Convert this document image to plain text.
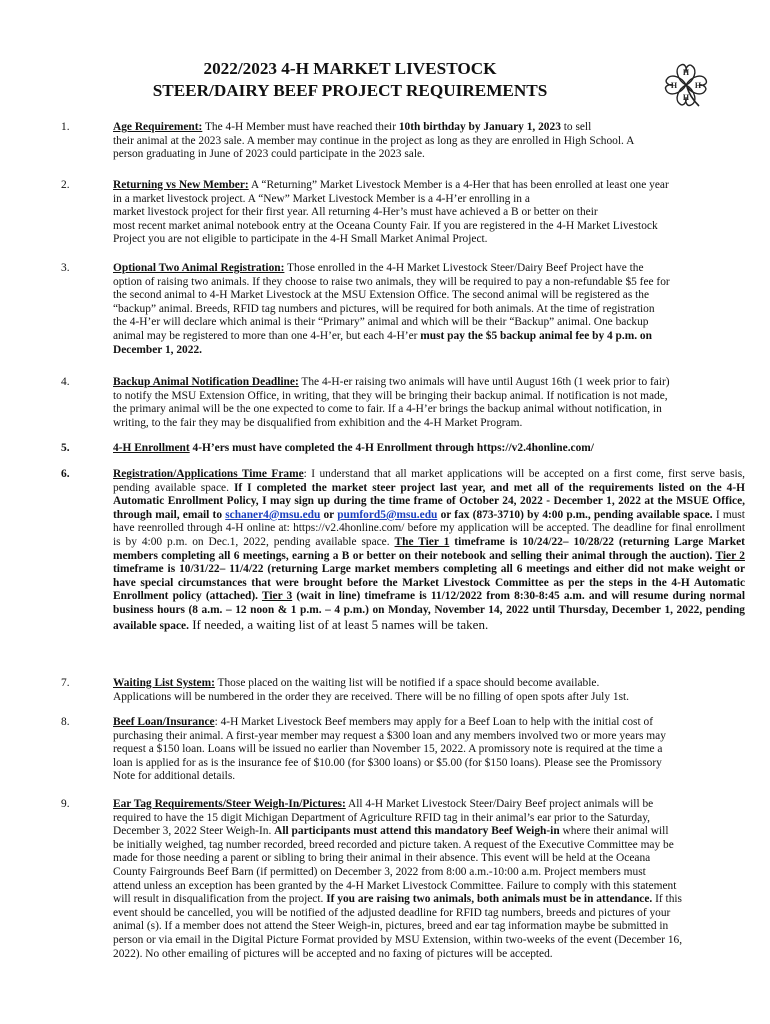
2022/2023 4-H MARKET LIVESTOCK
STEER/DAIRY BEEF PROJECT REQUIREMENTS
H
H
H
H
1.	Age Requirement: The 4-H Member must have reached their 10th birthday by January 1, 2023 to sell
their animal at the 2023 sale. A member may continue in the project as long as they are enrolled in High School. A
person graduating in June of 2023 could participate in the 2023 sale.
2.	Returning vs New Member: A “Returning” Market Livestock Member is a 4-Her that has been enrolled at least one year
in a market livestock project. A “New” Market Livestock Member is a 4-H’er enrolling in a
market livestock project for their first year. All returning 4-Her’s must have achieved a B or better on their
most recent market animal notebook entry at the Oceana County Fair. If you are registered in the 4-H Market Livestock
Project you are not eligible to participate in the 4-H Small Market Animal Project.
3.	Optional Two Animal Registration: Those enrolled in the 4-H Market Livestock Steer/Dairy Beef Project have the
option of raising two animals. If they choose to raise two animals, they will be required to pay a non-refundable $5 fee for
the second animal to 4-H Market Livestock at the MSU Extension Office. The second animal will be registered as the
“backup” animal. Breeds, RFID tag numbers and pictures, will be required for both animals. At the time of registration
the 4-H’er will declare which animal is their “Primary” animal and which will be their “Backup” animal. One backup
animal may be registered to more than one 4-H’er, but each 4-H’er must pay the $5 backup animal fee by 4 p.m. on
December 1, 2022.
4.	Backup Animal Notification Deadline: The 4-H-er raising two animals will have until August 16th (1 week prior to fair)
to notify the MSU Extension Office, in writing, that they will be bringing their backup animal. If notification is not made,
the primary animal will be the one expected to come to fair. If a 4-H’er brings the backup animal without notification, in
writing, to the fair they may be disqualified from exhibition and the 4-H Market Program.
5.	4-H Enrollment 4-H’ers must have completed the 4-H Enrollment through https://v2.4honline.com/
6.	Registration/Applications Time Frame: I understand that all market applications will be accepted on a first come, first serve basis, pending available space. If I completed the market steer project last year, and met all of the requirements listed on the 4-H Automatic Enrollment Policy, I may sign up during the time frame of October 24, 2022 - December 1, 2022 at the MSUE Office, through mail, email to schaner4@msu.edu or pumford5@msu.edu or fax (873-3710) by 4:00 p.m., pending available space. I must have reenrolled through 4-H online at: https://v2.4honline.com/ before my application will be accepted. The deadline for final enrollment is by 4:00 p.m. on Dec.1, 2022, pending available space. The Tier 1 timeframe is 10/24/22– 10/28/22 (returning Large Market members completing all 6 meetings, earning a B or better on their notebook and selling their animal through the auction). Tier 2 timeframe is 10/31/22– 11/4/22 (returning Large market members completing all 6 meetings and either did not make weight or have special circumstances that were brought before the Market Livestock Committee as per the steps in the 4-H Automatic Enrollment policy (attached). Tier 3 (wait in line) timeframe is 11/12/2022 from 8:30-8:45 a.m. and will resume during normal business hours (8 a.m. – 12 noon & 1 p.m. – 4 p.m.) on Monday, November 14, 2022 until Thursday, December 1, 2022, pending available space. If needed, a waiting list of at least 5 names will be taken.
7.	Waiting List System: Those placed on the waiting list will be notified if a space should become available.
Applications will be numbered in the order they are received. There will be no filling of open spots after July 1st.
8.	Beef Loan/Insurance: 4-H Market Livestock Beef members may apply for a Beef Loan to help with the initial cost of
purchasing their animal. A first-year member may request a $300 loan and any members involved two or more years may
request a $150 loan. Loans will be issued no earlier than November 15, 2022. A promissory note is required at the time a
loan is applied for as is the insurance fee of $10.00 (for $300 loans) or $5.00 (for $150 loans). Please see the Promissory
Note for additional details.
9.	Ear Tag Requirements/Steer Weigh-In/Pictures: All 4-H Market Livestock Steer/Dairy Beef project animals will be
required to have the 15 digit Michigan Department of Agriculture RFID tag in their animal’s ear prior to the Saturday,
December 3, 2022 Steer Weigh-In. All participants must attend this mandatory Beef Weigh-in where their animal will
be initially weighed, tag number recorded, breed recorded and picture taken. A request of the Executive Committee may be
made for those needing a parent or sibling to bring their animal in their absence. This event will be held at the Oceana
County Fairgrounds Beef Barn (if permitted) on December 3, 2022 from 8:00 a.m.-10:00 a.m. Project members must
attend unless an exception has been granted by the 4-H Market Livestock Committee. Failure to comply with this statement
will result in disqualification from the project. If you are raising two animals, both animals must be in attendance. If this
event should be cancelled, you will be notified of the adjusted deadline for RFID tag numbers, breeds and pictures of your
animal (s). If a member does not attend the Steer Weigh-in, pictures, breed and ear tag information maybe be submitted in
person or via email in the Digital Picture Format provided by MSU Extension, within two-weeks of the event (December 16,
2022). No other emailing of pictures will be accepted and no faxing of pictures will be accepted.
